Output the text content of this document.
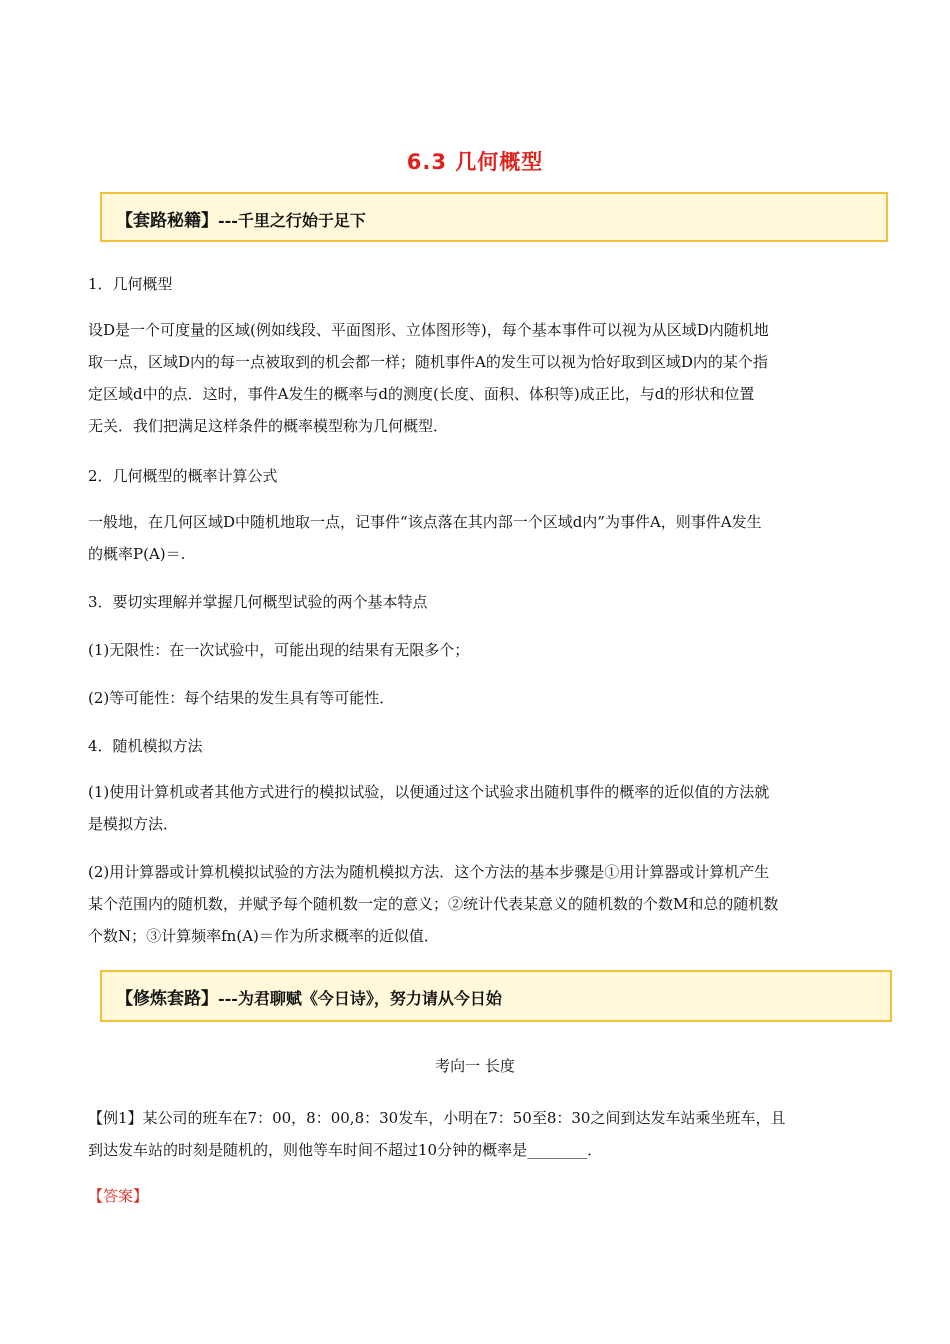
6.3 几何概型
【套路秘籍】---千里之行始于足下
1．几何概型
设D是一个可度量的区域(例如线段、平面图形、立体图形等)，每个基本事件可以视为从区域D内随机地
取一点，区域D内的每一点被取到的机会都一样；随机事件A的发生可以视为恰好取到区域D内的某个指
定区域d中的点．这时，事件A发生的概率与d的测度(长度、面积、体积等)成正比，与d的形状和位置
无关．我们把满足这样条件的概率模型称为几何概型．
2．几何概型的概率计算公式
一般地，在几何区域D中随机地取一点，记事件“该点落在其内部一个区域d内”为事件A，则事件A发生
的概率P(A)＝.
3．要切实理解并掌握几何概型试验的两个基本特点
(1)无限性：在一次试验中，可能出现的结果有无限多个；
(2)等可能性：每个结果的发生具有等可能性．
4．随机模拟方法
(1)使用计算机或者其他方式进行的模拟试验，以便通过这个试验求出随机事件的概率的近似值的方法就
是模拟方法．
(2)用计算器或计算机模拟试验的方法为随机模拟方法．这个方法的基本步骤是①用计算器或计算机产生
某个范围内的随机数，并赋予每个随机数一定的意义；②统计代表某意义的随机数的个数M和总的随机数
个数N；③计算频率fn(A)＝作为所求概率的近似值．
【修炼套路】---为君聊赋《今日诗》，努力请从今日始
考向一 长度
【例1】某公司的班车在7：00，8：00,8：30发车，小明在7：50至8：30之间到达发车站乘坐班车，且
到达发车站的时刻是随机的，则他等车时间不超过10分钟的概率是________．
【答案】
